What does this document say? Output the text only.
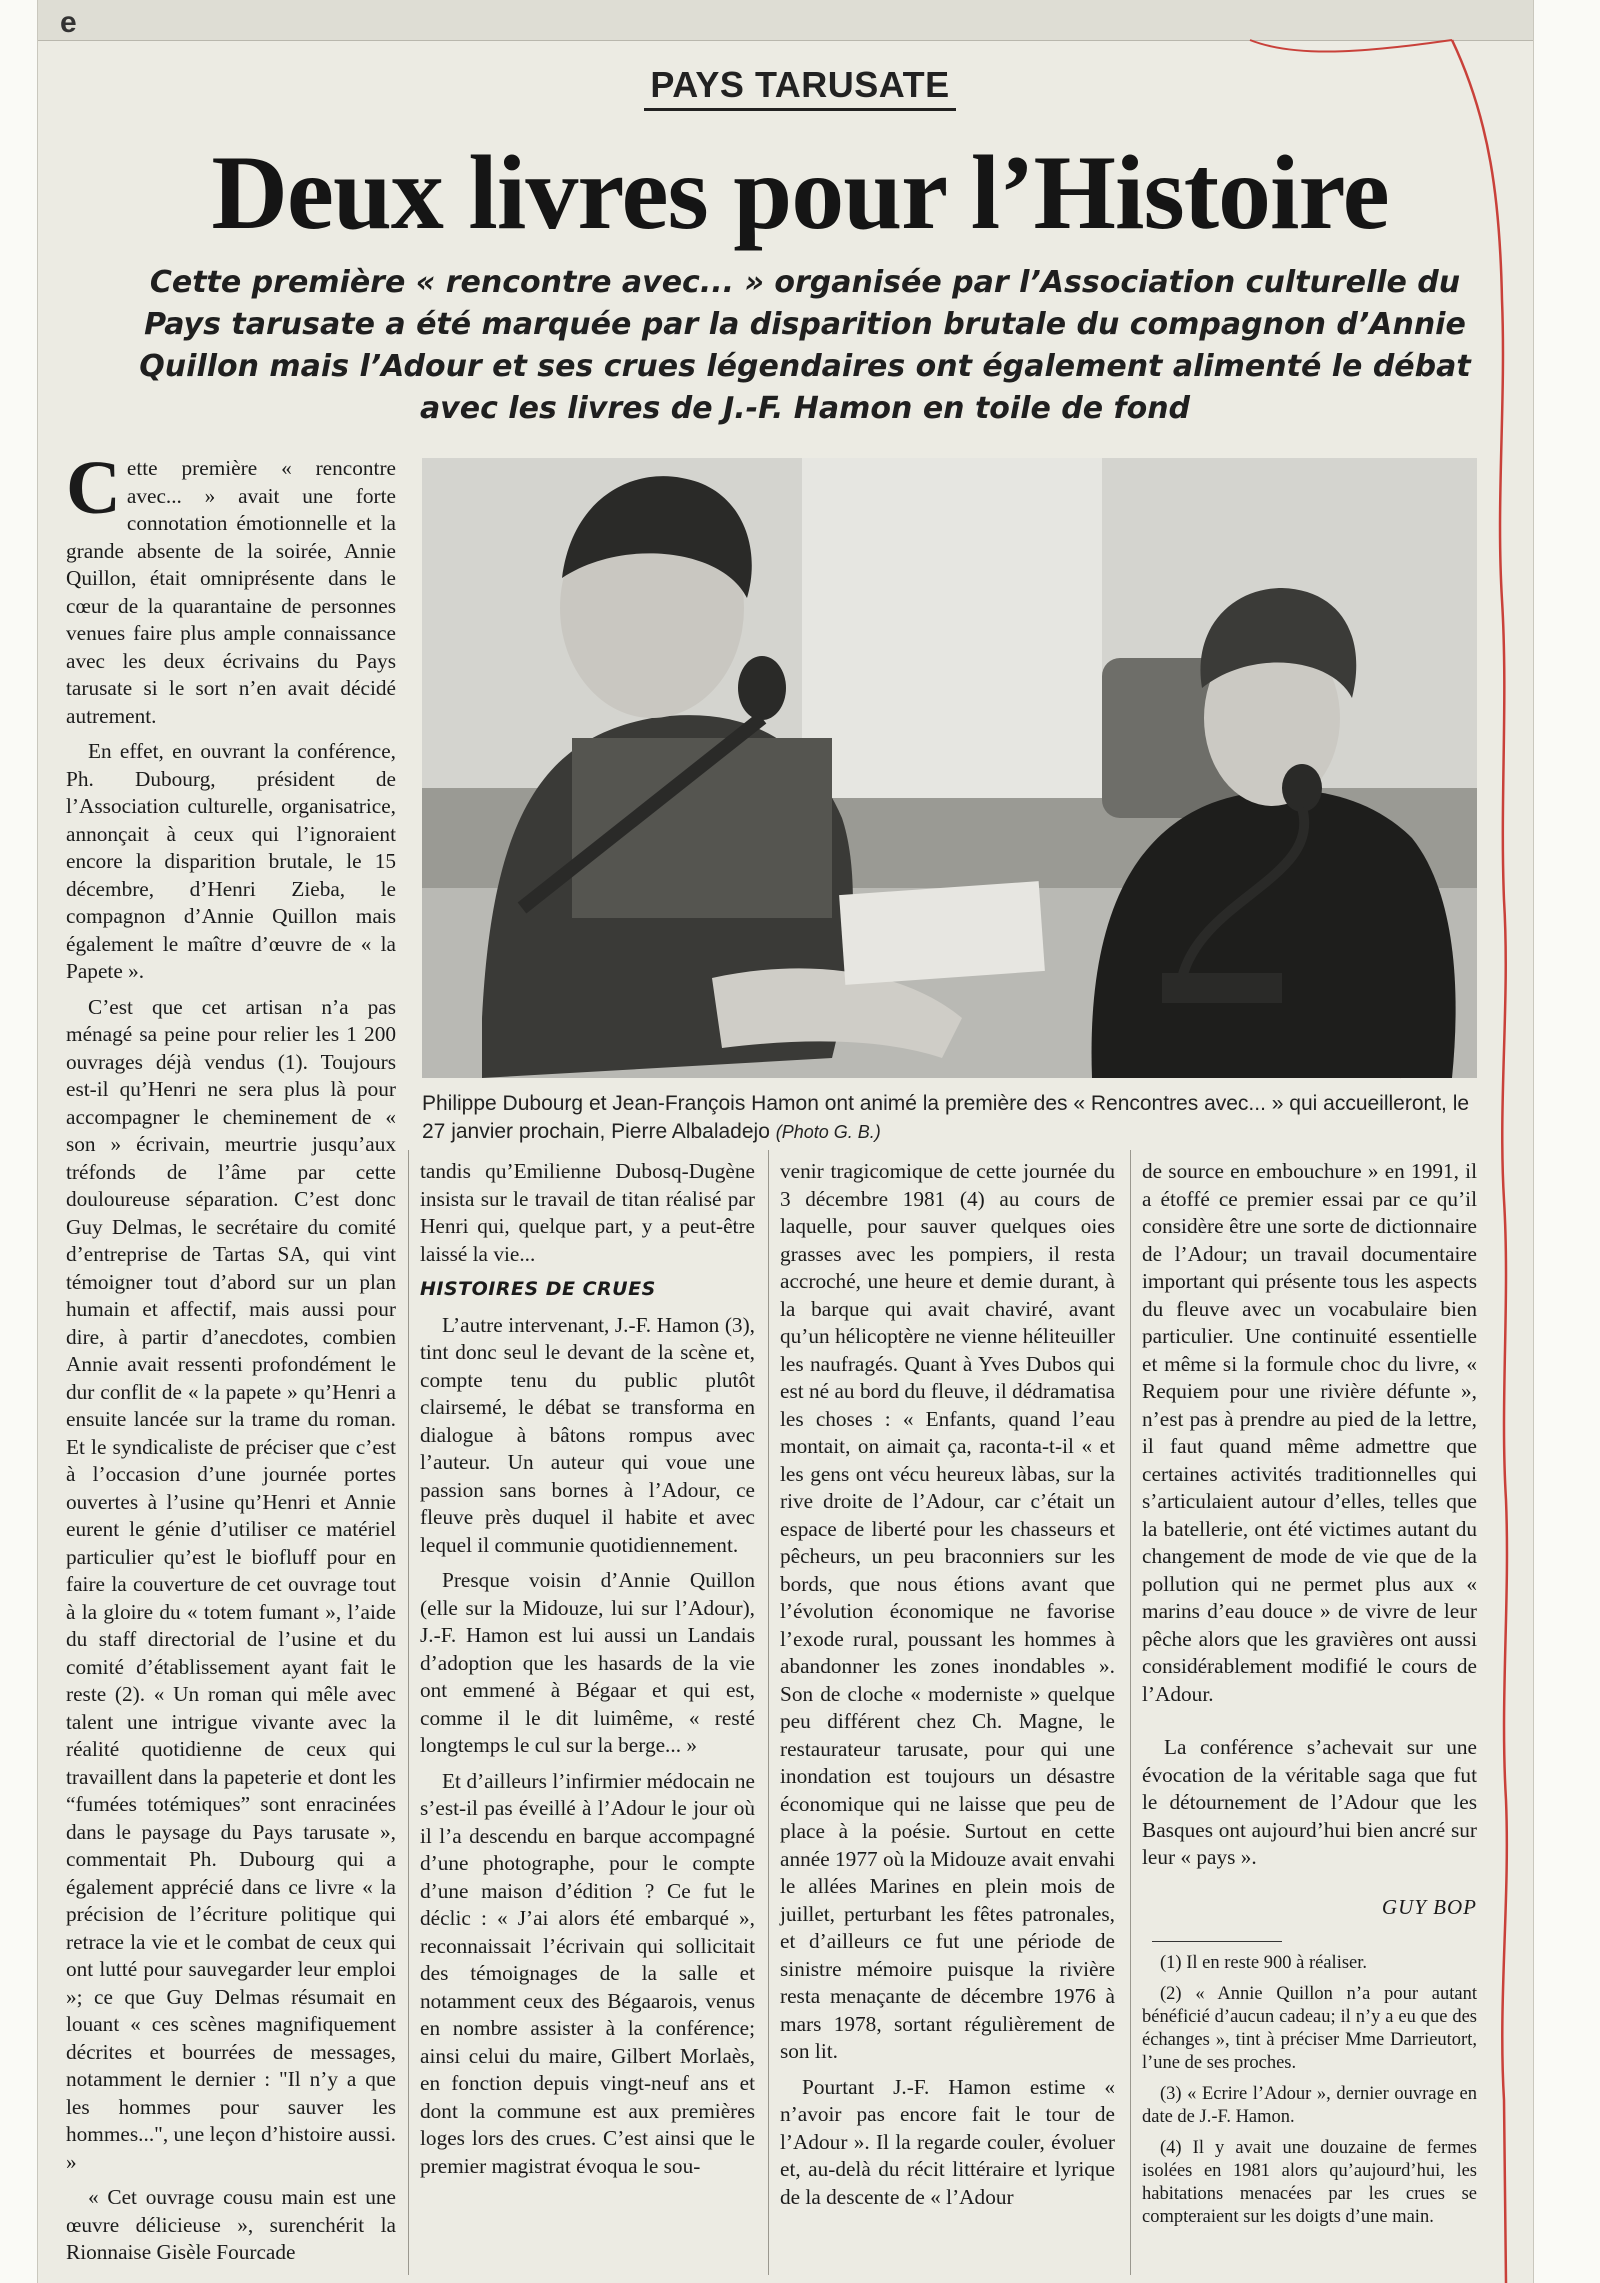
e
PAYS TARUSATE
Deux livres pour l’Histoire
Cette première « rencontre avec... » organisée par l’Association culturelle du Pays tarusate a été marquée par la disparition brutale du compagnon d’Annie Quillon mais l’Adour et ses crues légendaires ont également alimenté le débat avec les livres de J.-F. Hamon en toile de fond
Philippe Dubourg et Jean-François Hamon ont animé la première des « Rencontres avec... » qui accueilleront, le 27 janvier prochain, Pierre Albaladejo (Photo G. B.)

Cette première « rencontre avec... » avait une forte connotation émotionnelle et la grande absente de la soirée, Annie Quillon, était omniprésente dans le cœur de la quarantaine de personnes venues faire plus ample connaissance avec les deux écrivains du Pays tarusate si le sort n’en avait décidé autrement.

En effet, en ouvrant la conférence, Ph. Dubourg, président de l’Association culturelle, organisatrice, annonçait à ceux qui l’ignoraient encore la disparition brutale, le 15 décembre, d’Henri Zieba, le compagnon d’Annie Quillon mais également le maître d’œuvre de « la Papete ».

C’est que cet artisan n’a pas ménagé sa peine pour relier les 1 200 ouvrages déjà vendus (1). Toujours est-il qu’Henri ne sera plus là pour accompagner le cheminement de « son » écrivain, meurtrie jusqu’aux tréfonds de l’âme par cette douloureuse séparation. C’est donc Guy Delmas, le secrétaire du comité d’entreprise de Tartas SA, qui vint témoigner tout d’abord sur un plan humain et affectif, mais aussi pour dire, à partir d’anecdotes, combien Annie avait ressenti profondément le dur conflit de « la papete » qu’Henri a ensuite lancée sur la trame du roman. Et le syndicaliste de préciser que c’est à l’occasion d’une journée portes ouvertes à l’usine qu’Henri et Annie eurent le génie d’utiliser ce matériel particulier qu’est le biofluff pour en faire la couverture de cet ouvrage tout à la gloire du « totem fumant », l’aide du staff directorial de l’usine et du comité d’établissement ayant fait le reste (2). « Un roman qui mêle avec talent une intrigue vivante avec la réalité quotidienne de ceux qui travaillent dans la papeterie et dont les “fumées totémiques” sont enracinées dans le paysage du Pays tarusate », commentait Ph. Dubourg qui a également apprécié dans ce livre « la précision de l’écriture politique qui retrace la vie et le combat de ceux qui ont lutté pour sauvegarder leur emploi »; ce que Guy Delmas résumait en louant « ces scènes magnifiquement décrites et bourrées de messages, notamment le dernier : "Il n’y a que les hommes pour sauver les hommes...", une leçon d’histoire aussi. »

« Cet ouvrage cousu main est une œuvre délicieuse », surenchérit la Rionnaise Gisèle Fourcade

tandis qu’Emilienne Dubosq-Dugène insista sur le travail de titan réalisé par Henri qui, quelque part, y a peut-être laissé la vie...

HISTOIRES DE CRUES

L’autre intervenant, J.-F. Hamon (3), tint donc seul le devant de la scène et, compte tenu du public plutôt clairsemé, le débat se transforma en dialogue à bâtons rompus avec l’auteur. Un auteur qui voue une passion sans bornes à l’Adour, ce fleuve près duquel il habite et avec lequel il communie quotidiennement.

Presque voisin d’Annie Quillon (elle sur la Midouze, lui sur l’Adour), J.-F. Hamon est lui aussi un Landais d’adoption que les hasards de la vie ont emmené à Bégaar et qui est, comme il le dit luimême, « resté longtemps le cul sur la berge... »

Et d’ailleurs l’infirmier médocain ne s’est-il pas éveillé à l’Adour le jour où il l’a descendu en barque accompagné d’une photographe, pour le compte d’une maison d’édition ? Ce fut le déclic : « J’ai alors été embarqué », reconnaissait l’écrivain qui sollicitait des témoignages de la salle et notamment ceux des Bégaarois, venus en nombre assister à la conférence; ainsi celui du maire, Gilbert Morlaès, en fonction depuis vingt-neuf ans et dont la commune est aux premières loges lors des crues. C’est ainsi que le premier magistrat évoqua le sou-

venir tragicomique de cette journée du 3 décembre 1981 (4) au cours de laquelle, pour sauver quelques oies grasses avec les pompiers, il resta accroché, une heure et demie durant, à la barque qui avait chaviré, avant qu’un hélicoptère ne vienne héliteuiller les naufragés. Quant à Yves Dubos qui est né au bord du fleuve, il dédramatisa les choses : « Enfants, quand l’eau montait, on aimait ça, raconta-t-il « et les gens ont vécu heureux làbas, sur la rive droite de l’Adour, car c’était un espace de liberté pour les chasseurs et pêcheurs, un peu braconniers sur les bords, que nous étions avant que l’évolution économique ne favorise l’exode rural, poussant les hommes à abandonner les zones inondables ». Son de cloche « moderniste » quelque peu différent chez Ch. Magne, le restaurateur tarusate, pour qui une inondation est toujours un désastre économique qui ne laisse que peu de place à la poésie. Surtout en cette année 1977 où la Midouze avait envahi le allées Marines en plein mois de juillet, perturbant les fêtes patronales, et d’ailleurs ce fut une période de sinistre mémoire puisque la rivière resta menaçante de décembre 1976 à mars 1978, sortant régulièrement de son lit.

Pourtant J.-F. Hamon estime « n’avoir pas encore fait le tour de l’Adour ». Il la regarde couler, évoluer et, au-delà du récit littéraire et lyrique de la descente de « l’Adour

de source en embouchure » en 1991, il a étoffé ce premier essai par ce qu’il considère être une sorte de dictionnaire de l’Adour; un travail documentaire important qui présente tous les aspects du fleuve avec un vocabulaire bien particulier. Une continuité essentielle et même si la formule choc du livre, « Requiem pour une rivière défunte », n’est pas à prendre au pied de la lettre, il faut quand même admettre que certaines activités traditionnelles qui s’articulaient autour d’elles, telles que la batellerie, ont été victimes autant du changement de mode de vie que de la pollution qui ne permet plus aux « marins d’eau douce » de vivre de leur pêche alors que les gravières ont aussi considérablement modifié le cours de l’Adour.

La conférence s’achevait sur une évocation de la véritable saga que fut le détournement de l’Adour que les Basques ont aujourd’hui bien ancré sur leur « pays ».

GUY BOP

(1) Il en reste 900 à réaliser.

(2) « Annie Quillon n’a pour autant bénéficié d’aucun cadeau; il n’y a eu que des échanges », tint à préciser Mme Darrieutort, l’une de ses proches.

(3) « Ecrire l’Adour », dernier ouvrage en date de J.-F. Hamon.

(4) Il y avait une douzaine de fermes isolées en 1981 alors qu’aujourd’hui, les habitations menacées par les crues se compteraient sur les doigts d’une main.
